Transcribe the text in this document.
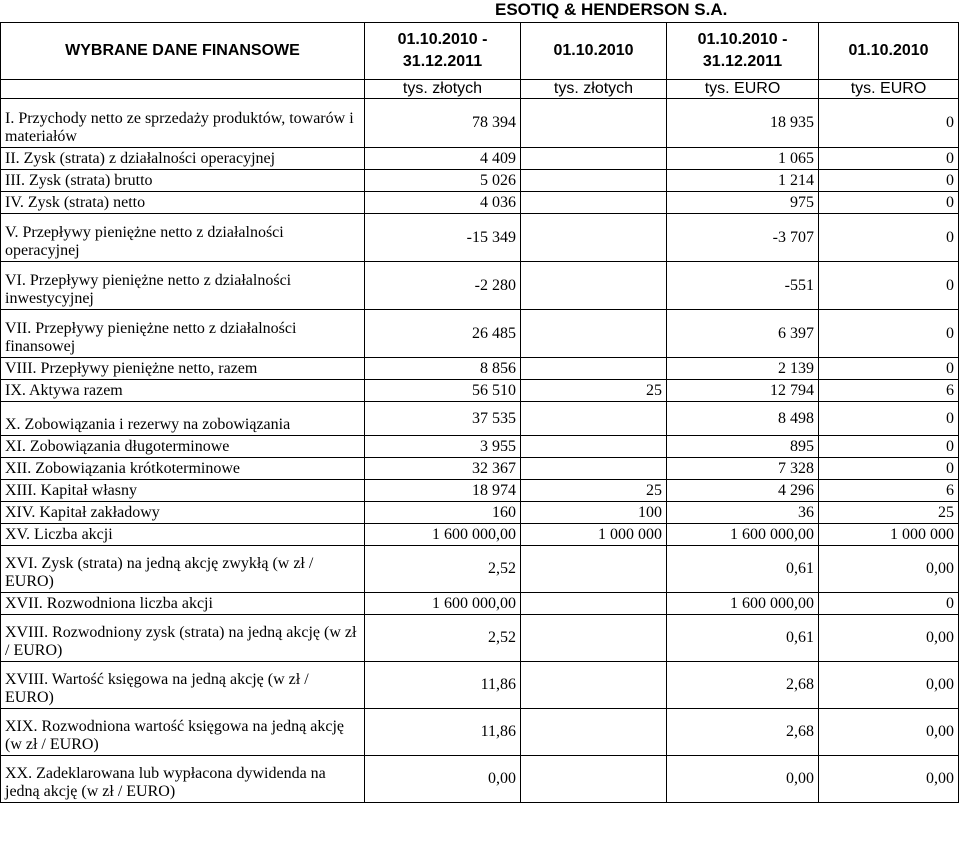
ESOTIQ & HENDERSON S.A.
WYBRANE DANE FINANSOWE	01.10.2010 - 31.12.2011	01.10.2010	01.10.2010 - 31.12.2011	01.10.2010
	tys. złotych	tys. złotych	tys. EURO	tys. EURO
I. Przychody netto ze sprzedaży produktów, towarów i materiałów	78 394		18 935	0
II. Zysk (strata) z działalności operacyjnej	4 409		1 065	0
III. Zysk (strata) brutto	5 026		1 214	0
IV. Zysk (strata) netto	4 036		975	0
V. Przepływy pieniężne netto z działalności operacyjnej	-15 349		-3 707	0
VI. Przepływy pieniężne netto z działalności inwestycyjnej	-2 280		-551	0
VII. Przepływy pieniężne netto z działalności finansowej	26 485		6 397	0
VIII. Przepływy pieniężne netto, razem	8 856		2 139	0
IX. Aktywa razem	56 510	25	12 794	6
X. Zobowiązania i rezerwy na zobowiązania	37 535		8 498	0
XI. Zobowiązania długoterminowe	3 955		895	0
XII. Zobowiązania krótkoterminowe	32 367		7 328	0
XIII. Kapitał własny	18 974	25	4 296	6
XIV. Kapitał zakładowy	160	100	36	25
XV. Liczba akcji	1 600 000,00	1 000 000	1 600 000,00	1 000 000
XVI. Zysk (strata) na jedną akcję zwykłą (w zł / EURO)	2,52		0,61	0,00
XVII. Rozwodniona liczba akcji	1 600 000,00		1 600 000,00	0
XVIII. Rozwodniony zysk (strata) na jedną akcję (w zł / EURO)	2,52		0,61	0,00
XVIII. Wartość księgowa na jedną akcję (w zł / EURO)	11,86		2,68	0,00
XIX. Rozwodniona wartość księgowa na jedną akcję (w zł / EURO)	11,86		2,68	0,00
XX. Zadeklarowana lub wypłacona dywidenda na jedną akcję (w zł / EURO)	0,00		0,00	0,00
